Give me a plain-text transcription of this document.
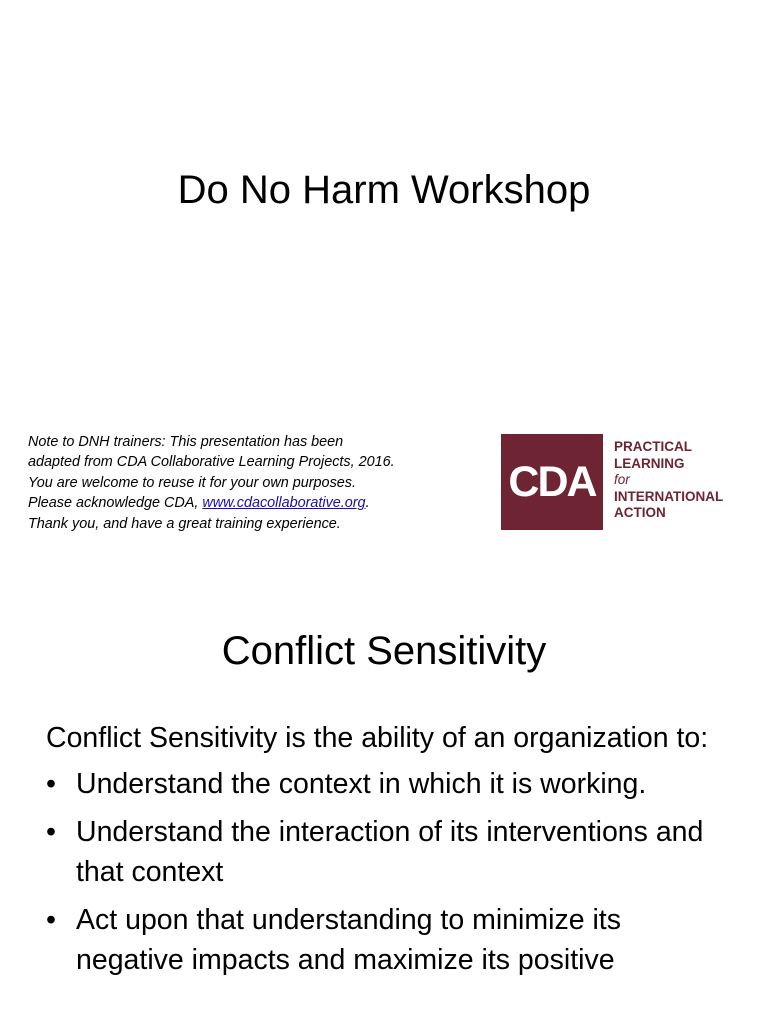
Do No Harm Workshop
Note to DNH trainers: This presentation has been
adapted from CDA Collaborative Learning Projects, 2016.
You are welcome to reuse it for your own purposes.
Please acknowledge CDA, www.cdacollaborative.org.
Thank you, and have a great training experience.
CDA
PRACTICAL
LEARNING
for
INTERNATIONAL
ACTION
Conflict Sensitivity
Conflict Sensitivity is the ability of an organization to:
• Understand the context in which it is working.
• Understand the interaction of its interventions and that context
• Act upon that understanding to minimize its negative impacts and maximize its positive
